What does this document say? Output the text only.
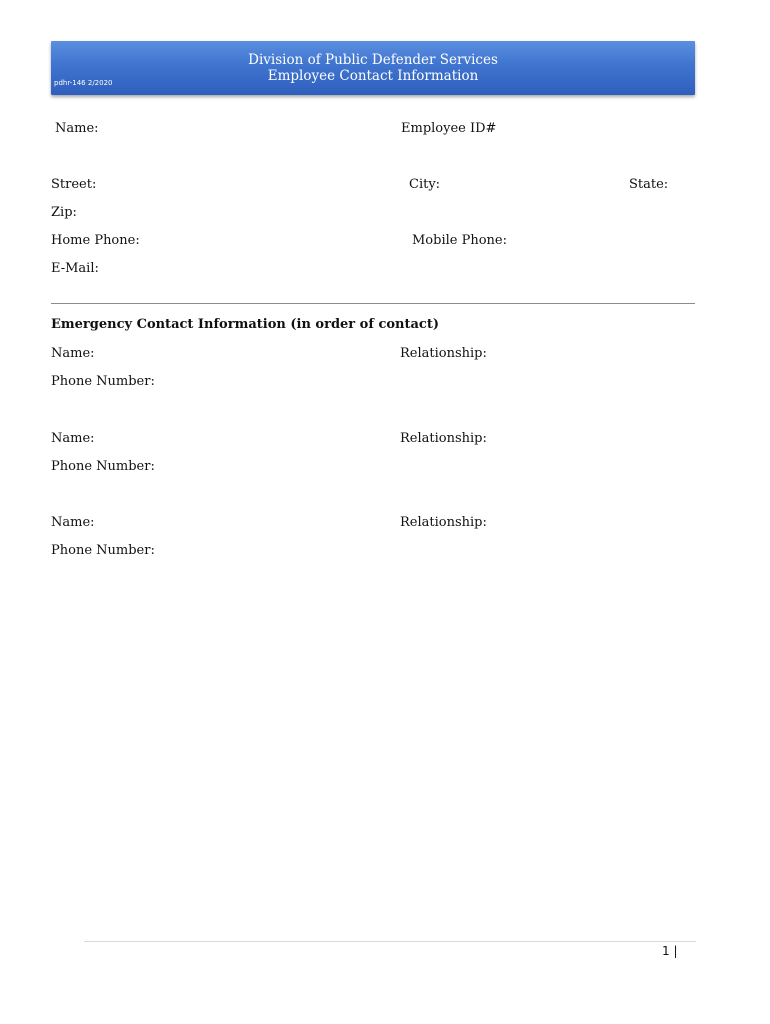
Division of Public Defender Services
Employee Contact Information
pdhr-146 2/2020
Name:	Employee ID#
Street:	City:	State:
Zip:
Home Phone:	Mobile Phone:
E-Mail:
Emergency Contact Information (in order of contact)
Name:	Relationship:
Phone Number:
Name:	Relationship:
Phone Number:
Name:	Relationship:
Phone Number:
1 |
